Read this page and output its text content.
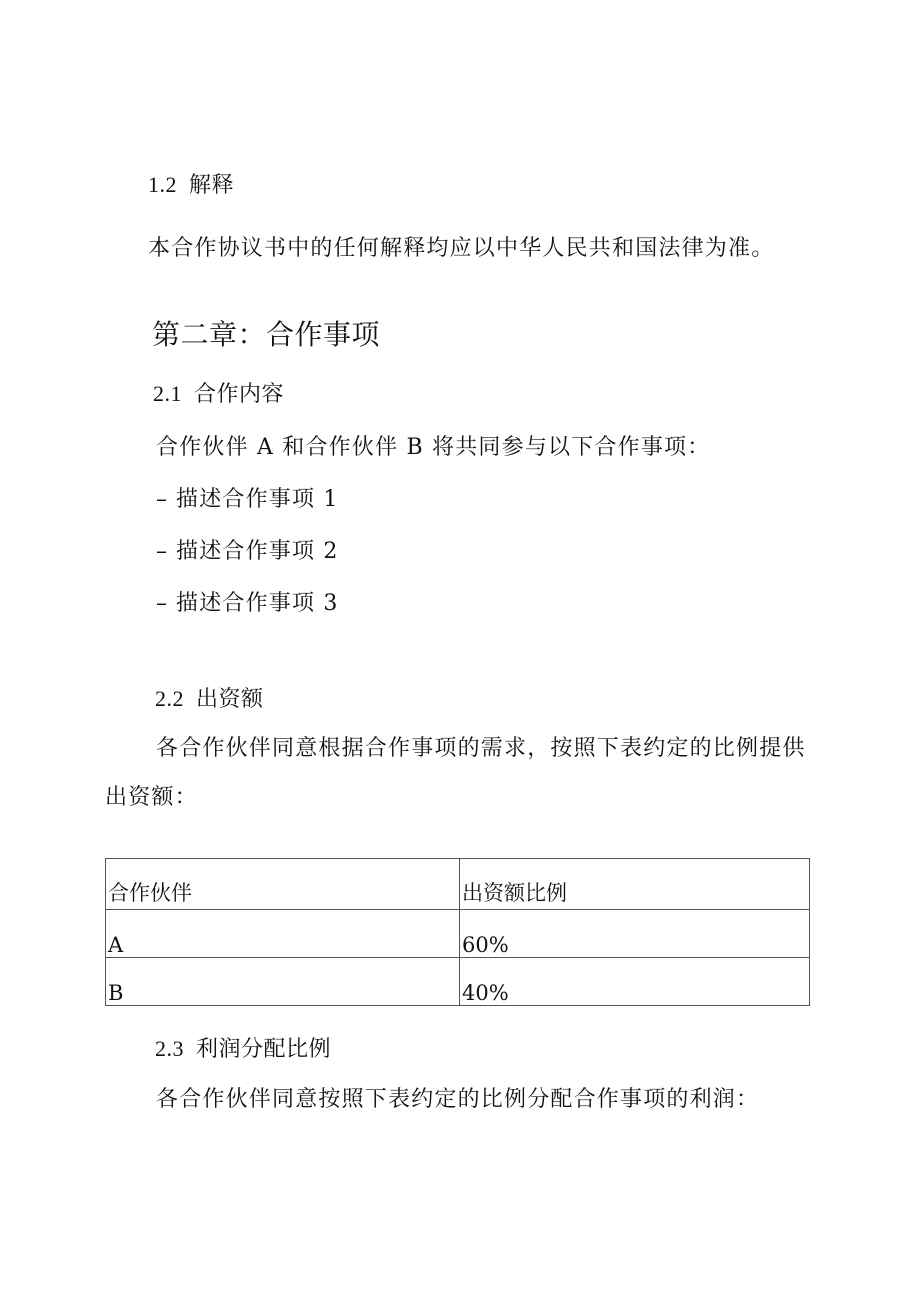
1.2 解释
本合作协议书中的任何解释均应以中华人民共和国法律为准。
第二章：合作事项
2.1 合作内容
合作伙伴 A 和合作伙伴 B 将共同参与以下合作事项：
– 描述合作事项 1
– 描述合作事项 2
– 描述合作事项 3
2.2 出资额
各合作伙伴同意根据合作事项的需求，按照下表约定的比例提供
出资额：
合作伙伴	出资额比例
A	60%
B	40%
2.3 利润分配比例
各合作伙伴同意按照下表约定的比例分配合作事项的利润：
